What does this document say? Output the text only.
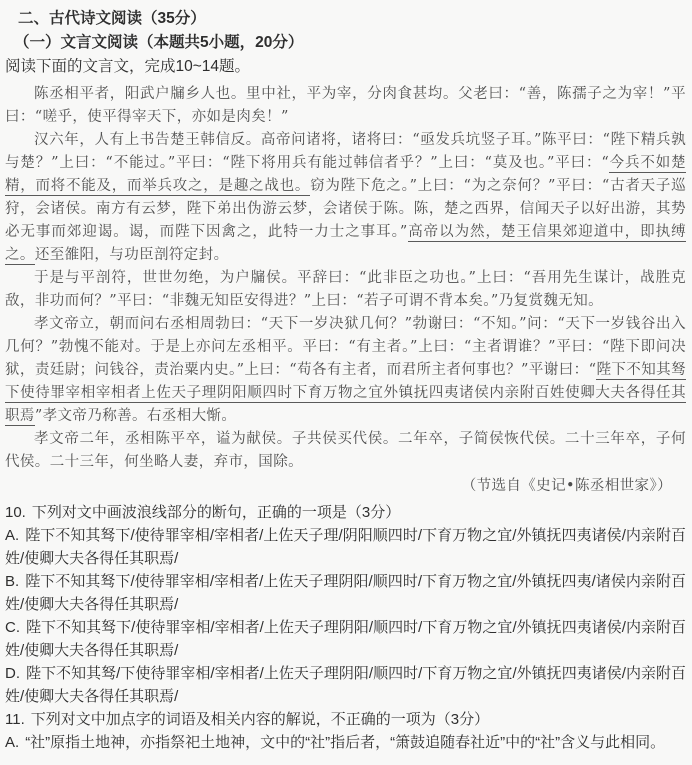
二、古代诗文阅读（35分）
（一）文言文阅读（本题共5小题，20分）
阅读下面的文言文，完成10~14题。

陈丞相平者，阳武户牖乡人也。里中社，平为宰，分肉食甚均。父老曰：“善，陈孺子之为宰！”平曰：“嗟乎，使平得宰天下，亦如是肉矣！”

汉六年，人有上书告楚王韩信反。高帝问诸将，诸将曰：“亟发兵坑竖子耳。”陈平曰：“陛下精兵孰与楚？”上曰：“不能过。”平曰：“陛下将用兵有能过韩信者乎？”上曰：“莫及也。”平曰：“今兵不如楚精，而将不能及，而举兵攻之，是趣之战也。窃为陛下危之。”上曰：“为之奈何？”平曰：“古者天子巡狩，会诸侯。南方有云梦，陛下弟出伪游云梦，会诸侯于陈。陈，楚之西界，信闻天子以好出游，其势必无事而郊迎谒。谒，而陛下因禽之，此特一力士之事耳。”高帝以为然，楚王信果郊迎道中，即执缚之。还至雒阳，与功臣剖符定封。

于是与平剖符，世世勿绝，为户牖侯。平辞曰：“此非臣之功也。”上曰：“吾用先生谋计，战胜克敌，非功而何？”平曰：“非魏无知臣安得进？”上曰：“若子可谓不背本矣。”乃复赏魏无知。

孝文帝立，朝而问右丞相周勃曰：“天下一岁决狱几何？”勃谢曰：“不知。”问：“天下一岁钱谷出入几何？”勃愧不能对。于是上亦问左丞相平。平曰：“有主者。”上曰：“主者谓谁？”平曰：“陛下即问决狱，责廷尉；问钱谷，责治粟内史。”上曰：“苟各有主者，而君所主者何事也？”平谢曰：“陛下不知其驽下使待罪宰相宰相者上佐天子理阴阳顺四时下育万物之宜外镇抚四夷诸侯内亲附百姓使卿大夫各得任其职焉”孝文帝乃称善。右丞相大惭。

孝文帝二年，丞相陈平卒，谥为献侯。子共侯买代侯。二年卒，子简侯恢代侯。二十三年卒，子何代侯。二十三年，何坐略人妻，弃市，国除。

（节选自《史记•陈丞相世家》）

10. 下列对文中画波浪线部分的断句，正确的一项是（3分）

A. 陛下不知其驽下/使待罪宰相/宰相者/上佐天子理/阴阳顺四时/下育万物之宜/外镇抚四夷诸侯/内亲附百姓/使卿大夫各得任其职焉/

B. 陛下不知其驽下/使待罪宰相/宰相者/上佐天子理阴阳/顺四时/下育万物之宜/外镇抚四夷/诸侯内亲附百姓/使卿大夫各得任其职焉/

C. 陛下不知其驽下/使待罪宰相/宰相者/上佐天子理阴阳/顺四时/下育万物之宜/外镇抚四夷诸侯/内亲附百姓/使卿大夫各得任其职焉/

D. 陛下不知其驽/下使待罪宰相/宰相者/上佐天子理阴阳/顺四时/下育万物之宜/外镇抚四夷诸侯/内亲附百姓/使卿大夫各得任其职焉/

11. 下列对文中加点字的词语及相关内容的解说，不正确的一项为（3分）

A. “社”原指土地神，亦指祭祀土地神，文中的“社”指后者，“箫鼓追随春社近”中的“社”含义与此相同。
